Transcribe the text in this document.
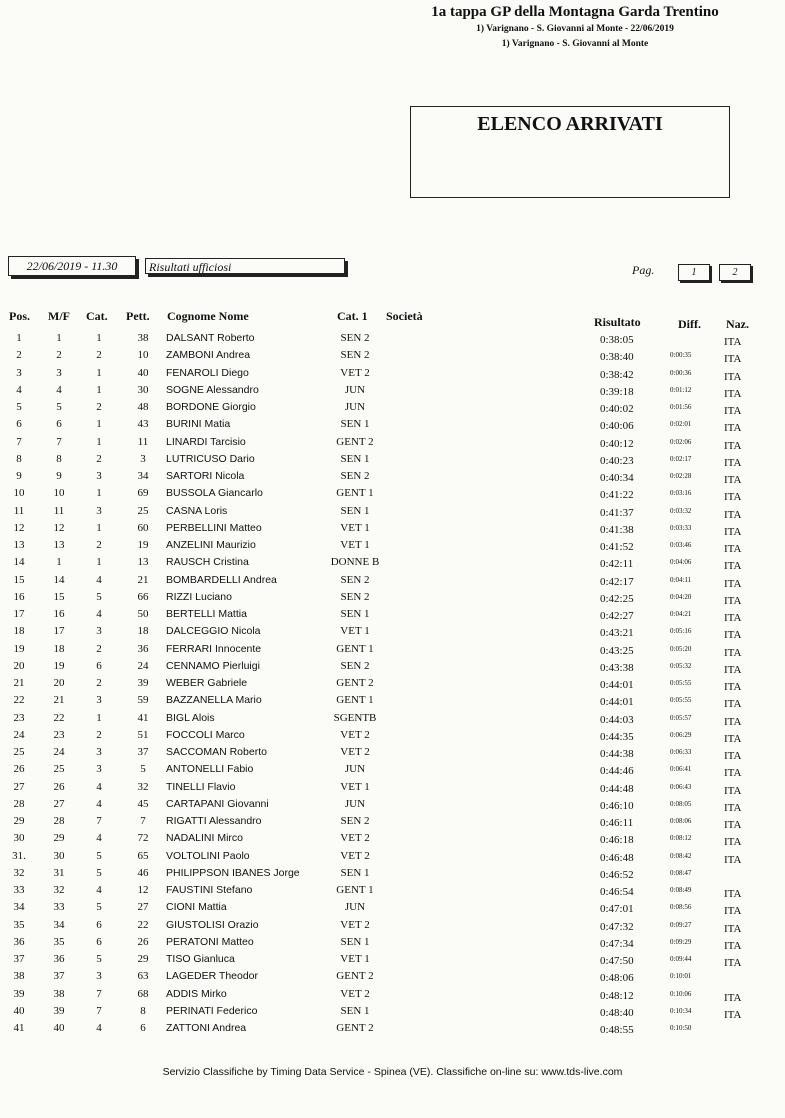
1a tappa GP della Montagna Garda Trentino
1) Varignano - S. Giovanni al Monte - 22/06/2019
1) Varignano - S. Giovanni al Monte
ELENCO ARRIVATI
22/06/2019 - 11.30	Risultati ufficiosi	Pag.	1	2
Pos. M/F Cat. Pett. Cognome Nome	Cat. 1 Società	Risultato	Diff. Naz.
1	1	1	38	DALSANT Roberto	SEN 2	0:38:05	ITA
2	2	2	10	ZAMBONI Andrea	SEN 2	0:38:40	0:00:35	ITA
3	3	1	40	FENAROLI Diego	VET 2	0:38:42	0:00:36	ITA
4	4	1	30	SOGNE Alessandro	JUN	0:39:18	0:01:12	ITA
5	5	2	48	BORDONE Giorgio	JUN	0:40:02	0:01:56	ITA
6	6	1	43	BURINI Matia	SEN 1	0:40:06	0:02:01	ITA
7	7	1	11	LINARDI Tarcisio	GENT 2	0:40:12	0:02:06	ITA
8	8	2	3	LUTRICUSO Dario	SEN 1	0:40:23	0:02:17	ITA
9	9	3	34	SARTORI Nicola	SEN 2	0:40:34	0:02:28	ITA
10	10	1	69	BUSSOLA Giancarlo	GENT 1	0:41:22	0:03:16	ITA
11	11	3	25	CASNA Loris	SEN 1	0:41:37	0:03:32	ITA
12	12	1	60	PERBELLINI Matteo	VET 1	0:41:38	0:03:33	ITA
13	13	2	19	ANZELINI Maurizio	VET 1	0:41:52	0:03:46	ITA
14	1	1	13	RAUSCH Cristina	DONNE B	0:42:11	0:04:06	ITA
15	14	4	21	BOMBARDELLI Andrea	SEN 2	0:42:17	0:04:11	ITA
16	15	5	66	RIZZI Luciano	SEN 2	0:42:25	0:04:20	ITA
17	16	4	50	BERTELLI Mattia	SEN 1	0:42:27	0:04:21	ITA
18	17	3	18	DALCEGGIO Nicola	VET 1	0:43:21	0:05:16	ITA
19	18	2	36	FERRARI Innocente	GENT 1	0:43:25	0:05:20	ITA
20	19	6	24	CENNAMO Pierluigi	SEN 2	0:43:38	0:05:32	ITA
21	20	2	39	WEBER Gabriele	GENT 2	0:44:01	0:05:55	ITA
22	21	3	59	BAZZANELLA Mario	GENT 1	0:44:01	0:05:55	ITA
23	22	1	41	BIGL Alois	SGENTB	0:44:03	0:05:57	ITA
24	23	2	51	FOCCOLI Marco	VET 2	0:44:35	0:06:29	ITA
25	24	3	37	SACCOMAN Roberto	VET 2	0:44:38	0:06:33	ITA
26	25	3	5	ANTONELLI Fabio	JUN	0:44:46	0:06:41	ITA
27	26	4	32	TINELLI Flavio	VET 1	0:44:48	0:06:43	ITA
28	27	4	45	CARTAPANI Giovanni	JUN	0:46:10	0:08:05	ITA
29	28	7	7	RIGATTI Alessandro	SEN 2	0:46:11	0:08:06	ITA
30	29	4	72	NADALINI Mirco	VET 2	0:46:18	0:08:12	ITA
31.	30	5	65	VOLTOLINI Paolo	VET 2	0:46:48	0:08:42	ITA
32	31	5	46	PHILIPPSON IBANES Jorge	SEN 1	0:46:52	0:08:47
33	32	4	12	FAUSTINI Stefano	GENT 1	0:46:54	0:08:49	ITA
34	33	5	27	CIONI Mattia	JUN	0:47:01	0:08:56	ITA
35	34	6	22	GIUSTOLISI Orazio	VET 2	0:47:32	0:09:27	ITA
36	35	6	26	PERATONI Matteo	SEN 1	0:47:34	0:09:29	ITA
37	36	5	29	TISO Gianluca	VET 1	0:47:50	0:09:44	ITA
38	37	3	63	LAGEDER Theodor	GENT 2	0:48:06	0:10:01
39	38	7	68	ADDIS Mirko	VET 2	0:48:12	0:10:06	ITA
40	39	7	8	PERINATI Federico	SEN 1	0:48:40	0:10:34	ITA
41	40	4	6	ZATTONI Andrea	GENT 2	0:48:55	0:10:50
Servizio Classifiche by Timing Data Service - Spinea (VE). Classifiche on-line su: www.tds-live.com
